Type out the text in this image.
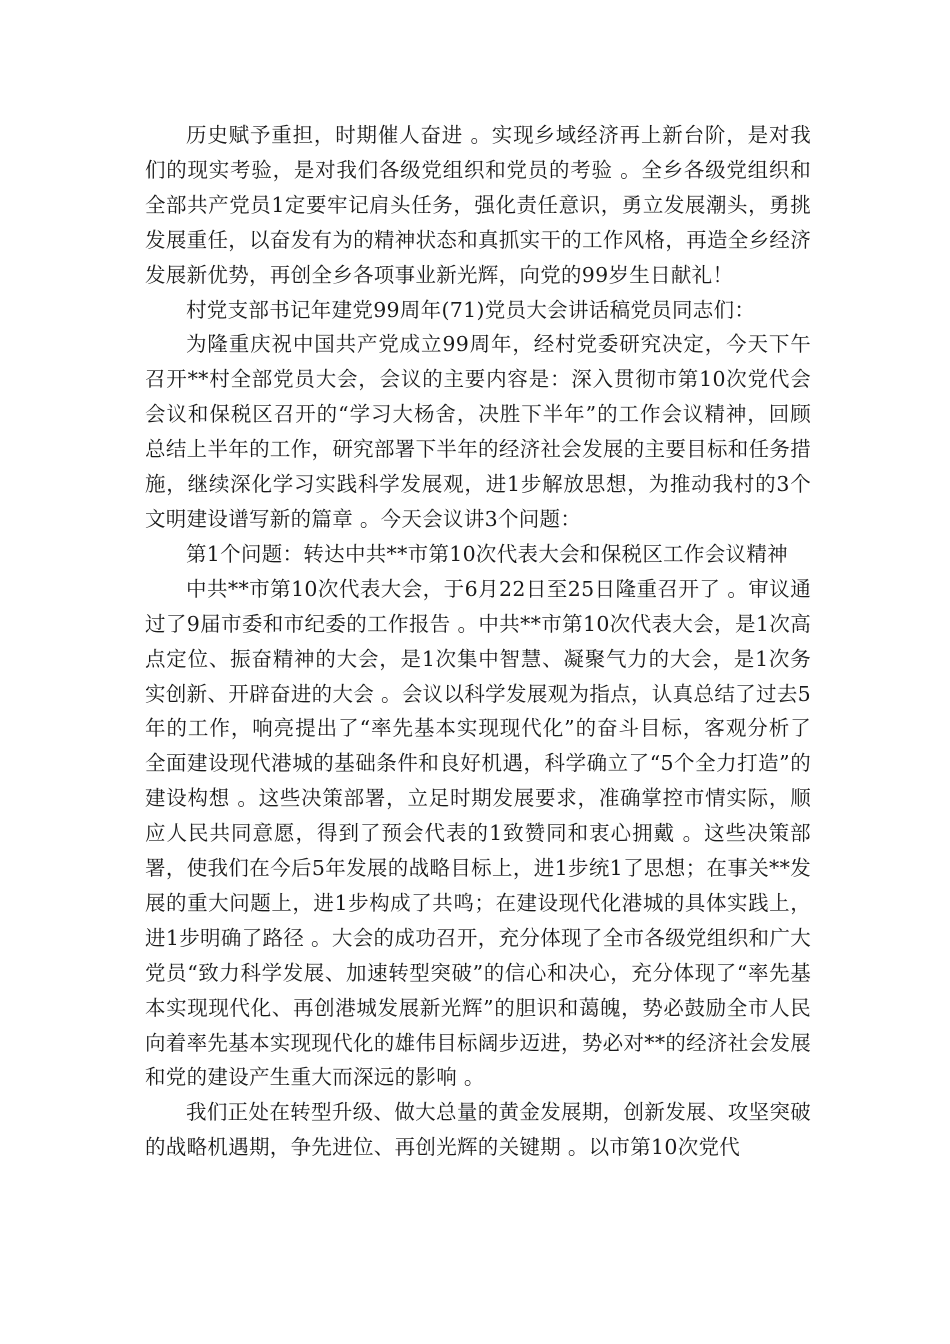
历史赋予重担，时期催人奋进 。实现乡域经济再上新台阶，是对我们的现实考验，是对我们各级党组织和党员的考验 。全乡各级党组织和全部共产党员1定要牢记肩头任务，强化责任意识，勇立发展潮头，勇挑发展重任，以奋发有为的精神状态和真抓实干的工作风格，再造全乡经济发展新优势，再创全乡各项事业新光辉，向党的99岁生日献礼！

村党支部书记年建党99周年(71)党员大会讲话稿党员同志们：

为隆重庆祝中国共产党成立99周年，经村党委研究决定，今天下午召开**村全部党员大会，会议的主要内容是：深入贯彻市第10次党代会会议和保税区召开的“学习大杨舍，决胜下半年”的工作会议精神，回顾总结上半年的工作，研究部署下半年的经济社会发展的主要目标和任务措施，继续深化学习实践科学发展观，进1步解放思想，为推动我村的3个文明建设谱写新的篇章 。今天会议讲3个问题：

第1个问题：转达中共**市第10次代表大会和保税区工作会议精神

中共**市第10次代表大会，于6月22日至25日隆重召开了 。审议通过了9届市委和市纪委的工作报告 。中共**市第10次代表大会，是1次高点定位、振奋精神的大会，是1次集中智慧、凝聚气力的大会，是1次务实创新、开辟奋进的大会 。会议以科学发展观为指点，认真总结了过去5年的工作，响亮提出了“率先基本实现现代化”的奋斗目标，客观分析了全面建设现代港城的基础条件和良好机遇，科学确立了“5个全力打造”的建设构想 。这些决策部署，立足时期发展要求，准确掌控市情实际，顺应人民共同意愿，得到了预会代表的1致赞同和衷心拥戴 。这些决策部署，使我们在今后5年发展的战略目标上，进1步统1了思想；在事关**发展的重大问题上，进1步构成了共鸣；在建设现代化港城的具体实践上，进1步明确了路径 。大会的成功召开，充分体现了全市各级党组织和广大党员“致力科学发展、加速转型突破”的信心和决心，充分体现了“率先基本实现现代化、再创港城发展新光辉”的胆识和蔼魄，势必鼓励全市人民向着率先基本实现现代化的雄伟目标阔步迈进，势必对**的经济社会发展和党的建设产生重大而深远的影响 。

我们正处在转型升级、做大总量的黄金发展期，创新发展、攻坚突破的战略机遇期，争先进位、再创光辉的关键期 。以市第10次党代
